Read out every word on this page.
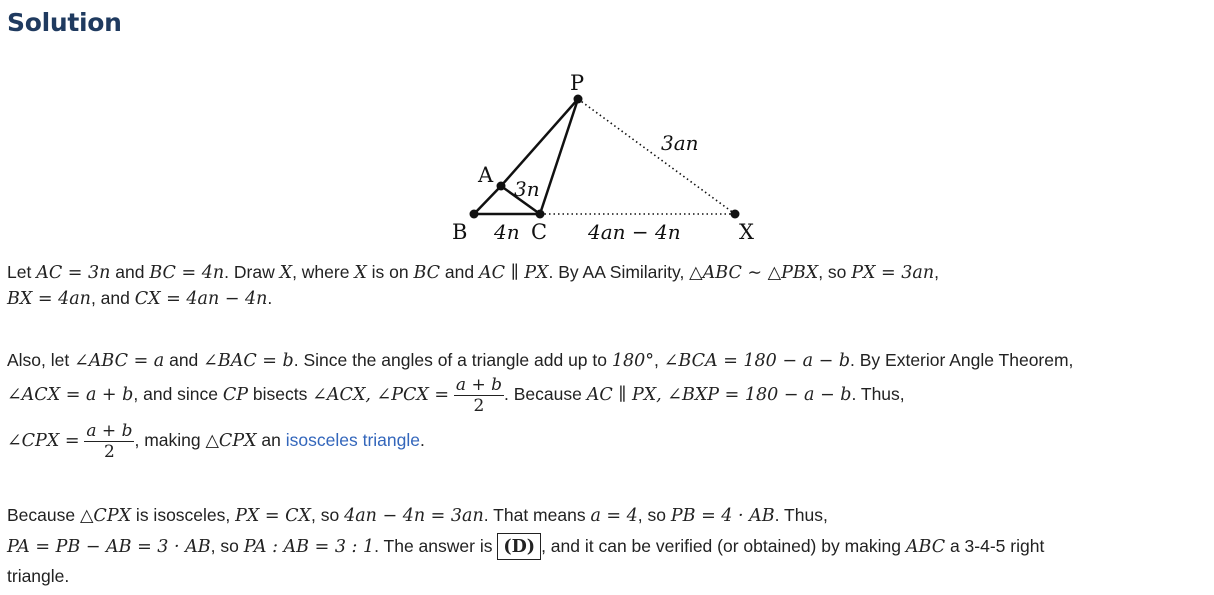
Solution
P
A
B	C	X
3n
4n	4an − 4n
3an
Let AC = 3n and BC = 4n. Draw X, where X is on BC and AC ∥ PX. By AA Similarity, △ABC ∼ △PBX, so PX = 3an,
BX = 4an, and CX = 4an − 4n.
Also, let ∠ABC = a and ∠BAC = b. Since the angles of a triangle add up to 180°, ∠BCA = 180 − a − b. By Exterior Angle Theorem,
∠ACX = a + b, and since CP bisects ∠ACX, ∠PCX = $\frac{a + b}{2}$ . Because AC ∥ PX, ∠BXP = 180 − a − b. Thus,
∠CPX = $\frac{a + b}{2}$ , making △CPX an isosceles triangle.
Because △CPX is isosceles, PX = CX, so 4an − 4n = 3an. That means a = 4, so PB = 4 · AB. Thus,
PA = PB − AB = 3 · AB, so PA : AB = 3 : 1. The answer is (D) , and it can be verified (or obtained) by making ABC a 3-4-5 right
triangle.
